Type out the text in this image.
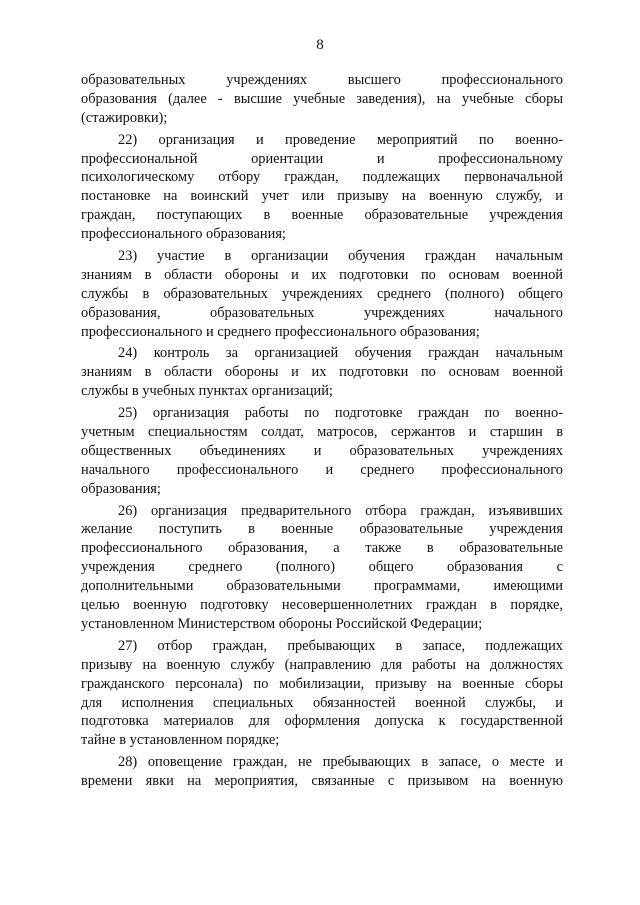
8
образовательных учреждениях высшего профессионального
образования (далее - высшие учебные заведения), на учебные сборы
(стажировки);
22) организация и проведение мероприятий по военно-
профессиональной ориентации и профессиональному
психологическому отбору граждан, подлежащих первоначальной
постановке на воинский учет или призыву на военную службу, и
граждан, поступающих в военные образовательные учреждения
профессионального образования;
23) участие в организации обучения граждан начальным
знаниям в области обороны и их подготовки по основам военной
службы в образовательных учреждениях среднего (полного) общего
образования, образовательных учреждениях начального
профессионального и среднего профессионального образования;
24) контроль за организацией обучения граждан начальным
знаниям в области обороны и их подготовки по основам военной
службы в учебных пунктах организаций;
25) организация работы по подготовке граждан по военно-
учетным специальностям солдат, матросов, сержантов и старшин в
общественных объединениях и образовательных учреждениях
начального профессионального и среднего профессионального
образования;
26) организация предварительного отбора граждан, изъявивших
желание поступить в военные образовательные учреждения
профессионального образования, а также в образовательные
учреждения среднего (полного) общего образования с
дополнительными образовательными программами, имеющими
целью военную подготовку несовершеннолетних граждан в порядке,
установленном Министерством обороны Российской Федерации;
27) отбор граждан, пребывающих в запасе, подлежащих
призыву на военную службу (направлению для работы на должностях
гражданского персонала) по мобилизации, призыву на военные сборы
для исполнения специальных обязанностей военной службы, и
подготовка материалов для оформления допуска к государственной
тайне в установленном порядке;
28) оповещение граждан, не пребывающих в запасе, о месте и
времени явки на мероприятия, связанные с призывом на военную
